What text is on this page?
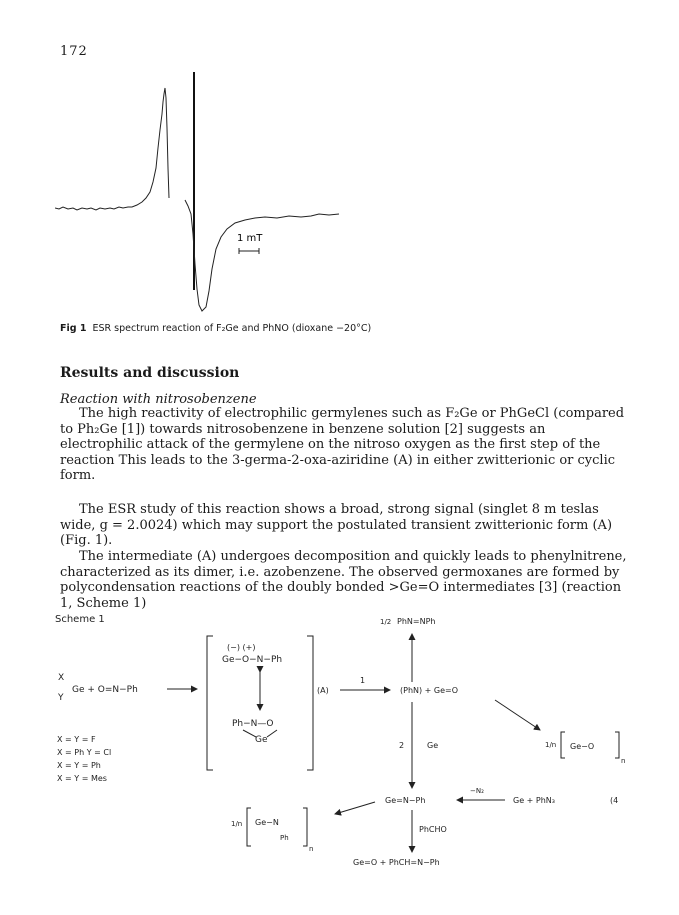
172
1 mT
Fig 1 ESR spectrum reaction of F₂Ge and PhNO (dioxane −20°C)
Results and discussion
Reaction with nitrosobenzene

The high reactivity of electrophilic germylenes such as F₂Ge or PhGeCl (compared to Ph₂Ge [1]) towards nitrosobenzene in benzene solution [2] suggests an electrophilic attack of the germylene on the nitroso oxygen as the first step of the reaction This leads to the 3-germa-2-oxa-aziridine (A) in either zwitterionic or cyclic form.

The ESR study of this reaction shows a broad, strong signal (singlet 8 m teslas wide, g = 2.0024) which may support the postulated transient zwitterionic form (A) (Fig. 1).

The intermediate (A) undergoes decomposition and quickly leads to phenylnitrene, characterized as its dimer, i.e. azobenzene. The observed germoxanes are formed by polycondensation reactions of the doubly bonded >Ge=O intermediates [3] (reaction 1, Scheme 1)

Scheme 1
X
Y
Ge + O=N−Ph
(−) (+)
Ge−O−N−Ph
Ph−N—O
Ge
X = Y = F
X = Ph Y = Cl
X = Y = Ph
X = Y = Mes
(A)
1
(PhN) + Ge=O
1/2 PhN=NPh
1/n Ge−O
n
2	Ge
Ge=N−Ph
−N₂
Ge + PhN₃	(4
1/n Ge−N
Ph
n
PhCHO
Ge=O + PhCH=N−Ph
